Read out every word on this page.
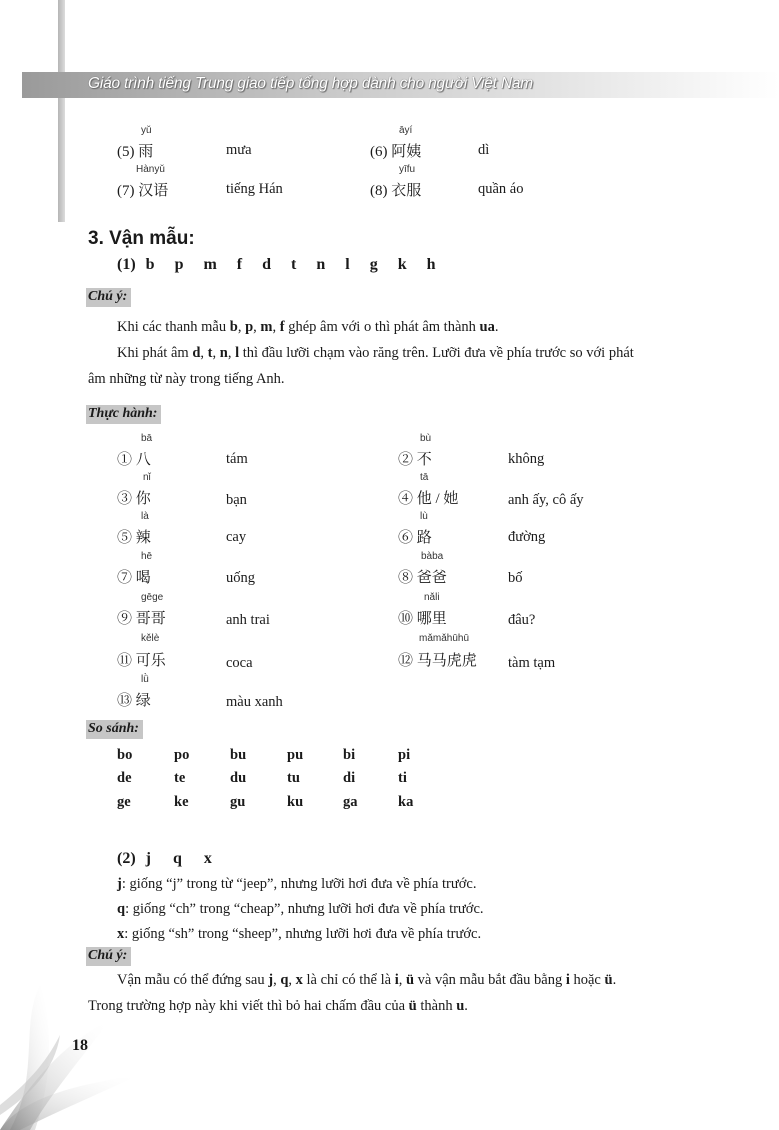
Giáo trình tiếng Trung giao tiếp tổng hợp dành cho người Việt Nam
yǔ
(5) 雨	mưa
āyí
(6) 阿姨	dì
Hànyǔ
(7) 汉语	tiếng Hán
yīfu
(8) 衣服	quần áo
3. Vận mẫu:
(1) b p m f d t n l g k h
Chú ý:
Khi các thanh mẫu b, p, m, f ghép âm với o thì phát âm thành ua.
Khi phát âm d, t, n, l thì đầu lưỡi chạm vào răng trên. Lưỡi đưa về phía trước so với phát
âm những từ này trong tiếng Anh.
Thực hành:
bā
① 八	tám
bù
② 不	không
nǐ
③ 你	bạn
tā
④ 他 / 她	anh ấy, cô ấy
là
⑤ 辣	cay
lù
⑥ 路	đường
hē
⑦ 喝	uống
bàba
⑧ 爸爸	bố
gēge
⑨ 哥哥	anh trai
nǎli
⑩ 哪里	đâu?
kělè
⑪ 可乐	coca
mǎmǎhūhū
⑫ 马马虎虎 tàm tạm
lǜ
⑬ 绿	màu xanh
So sánh:
bo	po	bu	pu	bi	pi
de	te	du	tu	di	ti
ge	ke	gu	ku	ga	ka
(2) j q x
j: giống “j” trong từ “jeep”, nhưng lưỡi hơi đưa về phía trước.
q: giống “ch” trong “cheap”, nhưng lưỡi hơi đưa về phía trước.
x: giống “sh” trong “sheep”, nhưng lưỡi hơi đưa về phía trước.
Chú ý:
Vận mẫu có thể đứng sau j, q, x là chỉ có thể là i, ü và vận mẫu bắt đầu bằng i hoặc ü.
Trong trường hợp này khi viết thì bỏ hai chấm đầu của ü thành u.
18
